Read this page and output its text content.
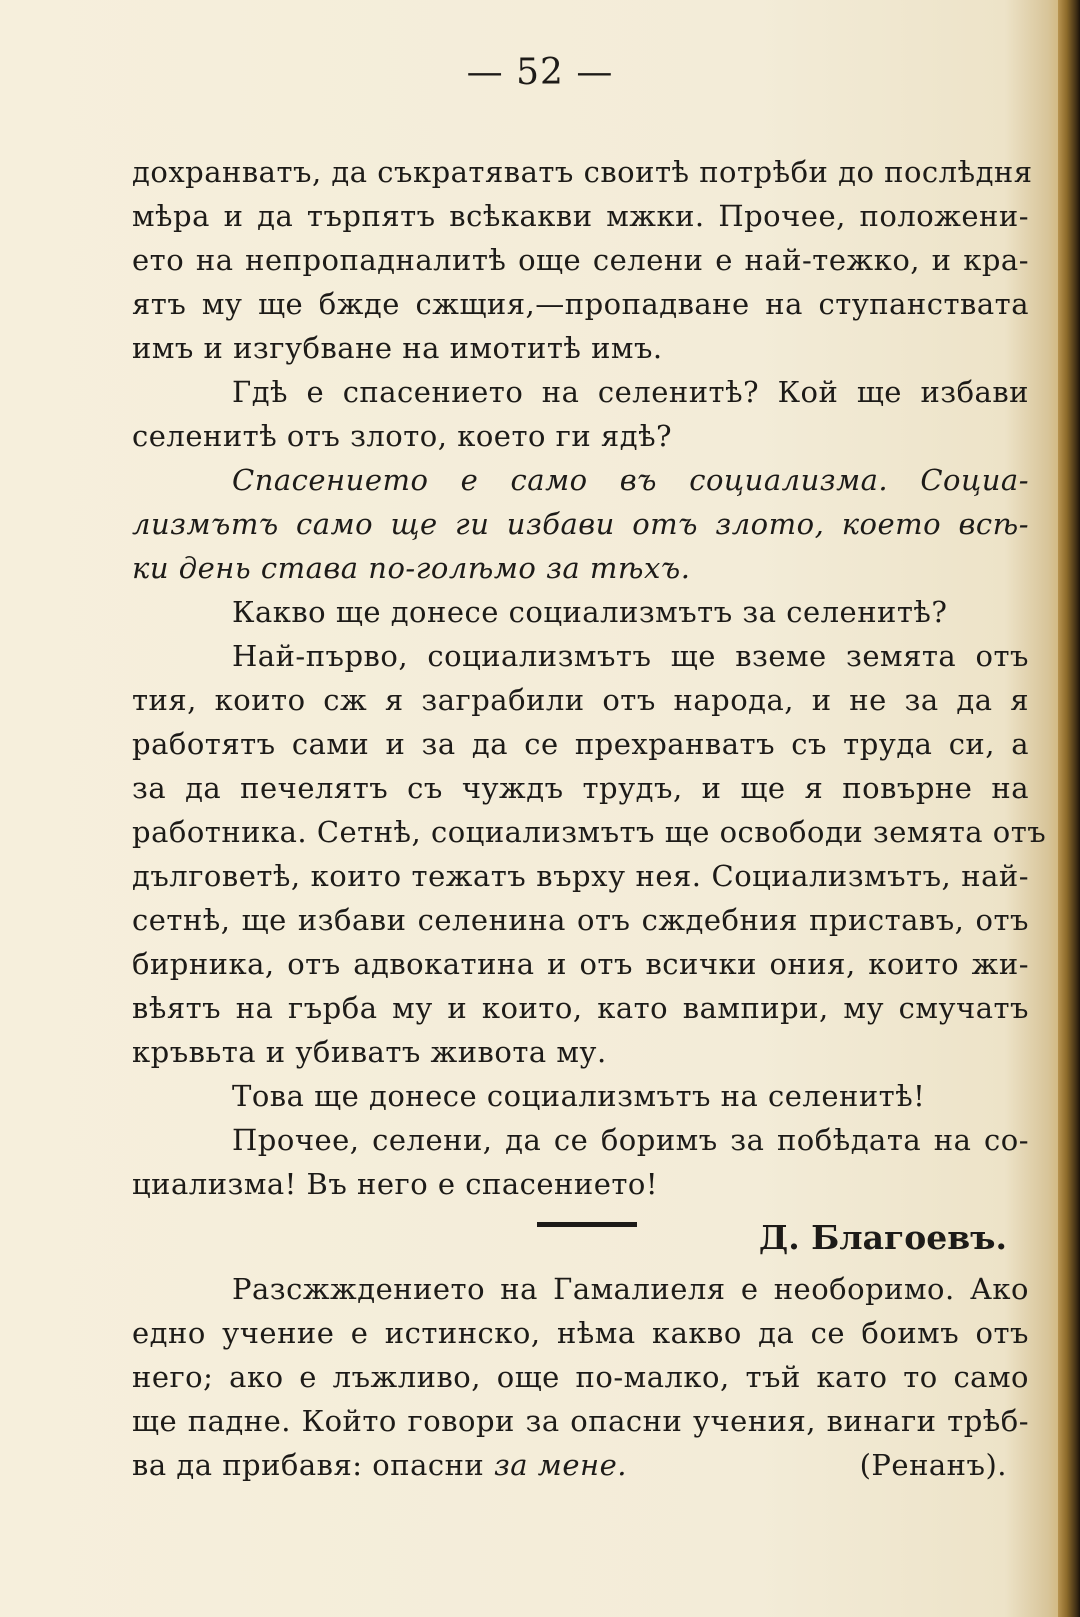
— 52 —
дохранватъ, да съкратяватъ своитѣ потрѣби до послѣдня
мѣра и да търпятъ всѣкакви мжки. Прочее, положени-
ето на непропадналитѣ още селени е най-тежко, и кра-
ятъ му ще бжде сжщия,—пропадване на ступанствата
имъ и изгубване на имотитѣ имъ.
Гдѣ е спасението на селенитѣ? Кой ще избави
селенитѣ отъ злото, което ги ядѣ?
Спасението е само въ социализма. Социа-
лизмътъ само ще ги избави отъ злото, което всѣ-
ки день става по-голѣмо за тѣхъ.
Какво ще донесе социализмътъ за селенитѣ?
Най-първо, социализмътъ ще вземе земята отъ
тия, които сж я заграбили отъ народа, и не за да я
работятъ сами и за да се прехранватъ съ труда си, а
за да печелятъ съ чуждъ трудъ, и ще я повърне на
работника. Сетнѣ, социализмътъ ще освободи земята отъ
дълговетѣ, които тежатъ върху нея. Социализмътъ, най-
сетнѣ, ще избави селенина отъ сждебния приставъ, отъ
бирника, отъ адвокатина и отъ всички ония, които жи-
вѣятъ на гърба му и които, като вампири, му смучатъ
кръвьта и убиватъ живота му.
Това ще донесе социализмътъ на селенитѣ!
Прочее, селени, да се боримъ за побѣдата на со-
циализма! Въ него е спасението!
Д. Благоевъ.
Разсжждението на Гамалиеля е необоримо. Ако
едно учение е истинско, нѣма какво да се боимъ отъ
него; ако е лъжливо, още по-малко, тъй като то само
ще падне. Който говори за опасни учения, винаги трѣб-
ва да прибавя: опасни за мене.	(Ренанъ).
